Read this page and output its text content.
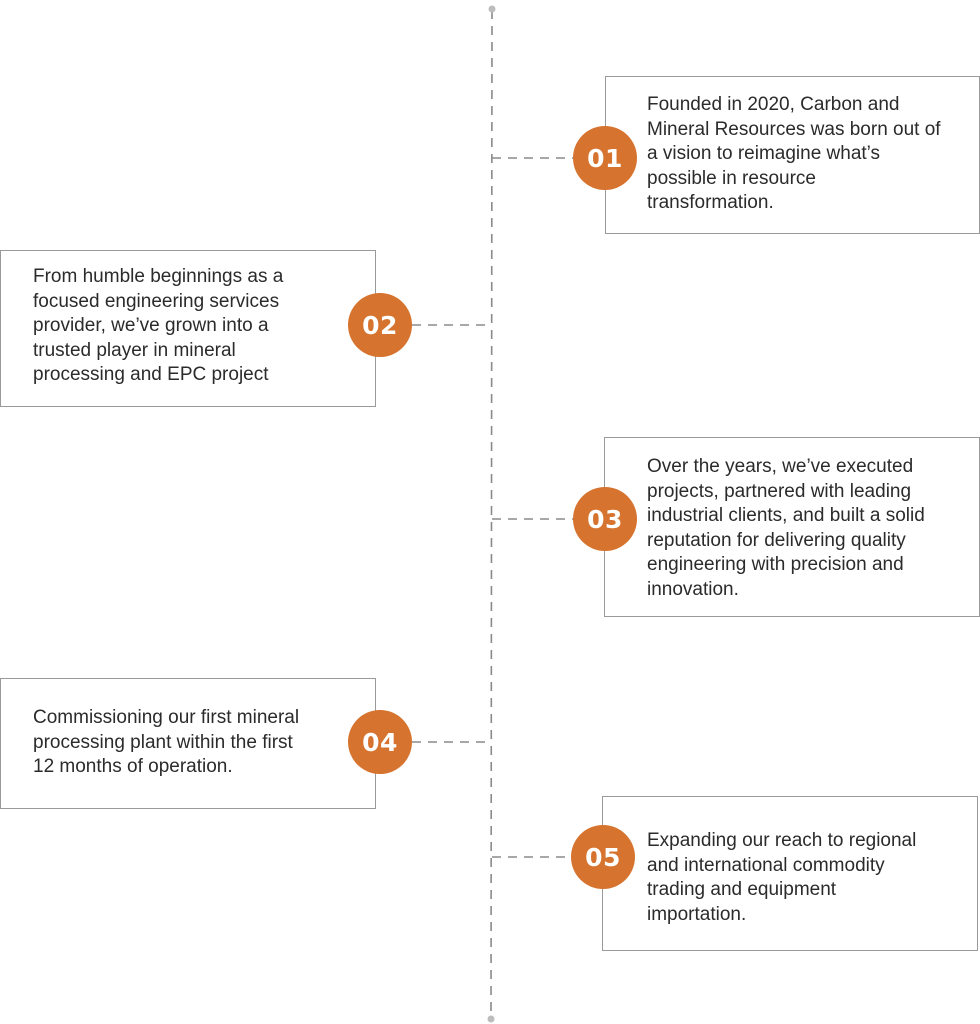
Founded in 2020, Carbon and
Mineral Resources was born out of
a vision to reimagine what’s
possible in resource
transformation.

01

From humble beginnings as a
focused engineering services
provider, we’ve grown into a
trusted player in mineral
processing and EPC project

02

Over the years, we’ve executed
projects, partnered with leading
industrial clients, and built a solid
reputation for delivering quality
engineering with precision and
innovation.

03

Commissioning our first mineral
processing plant within the first
12 months of operation.

04

Expanding our reach to regional
and international commodity
trading and equipment
importation.

05
